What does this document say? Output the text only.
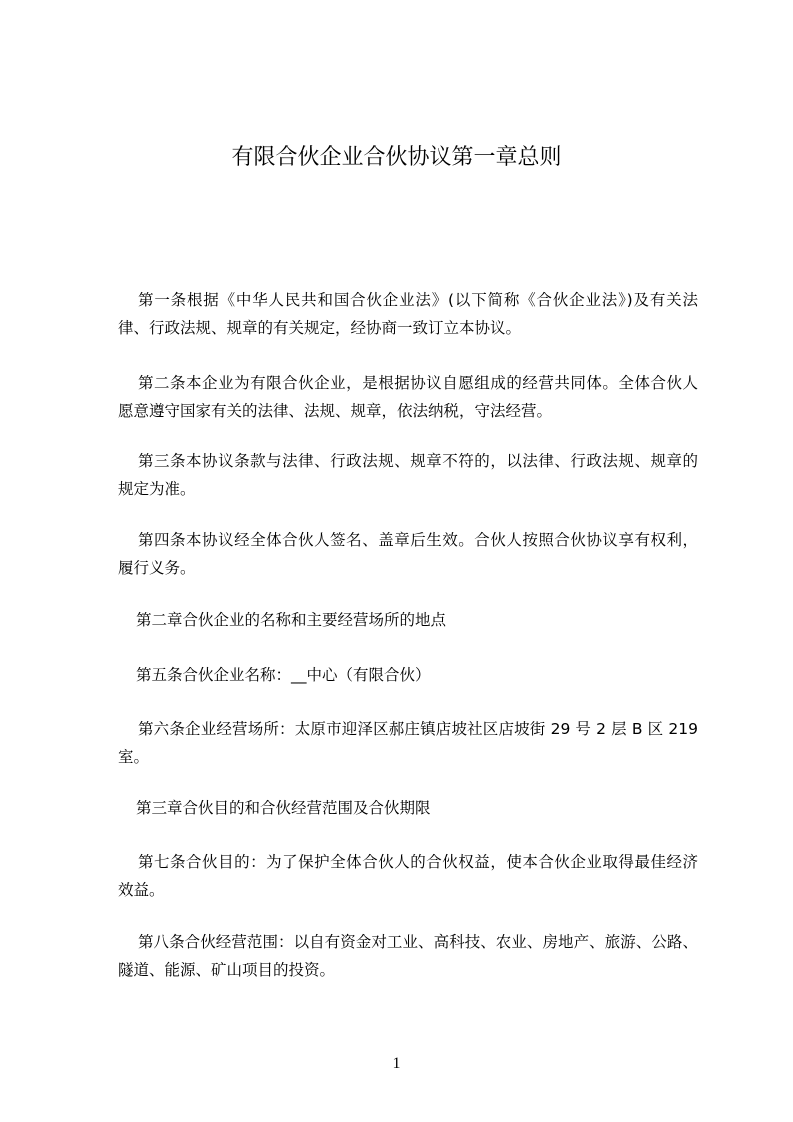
有限合伙企业合伙协议第一章总则
第一条根据《中华人民共和国合伙企业法》(以下简称《合伙企业法》)及有关法
律、行政法规、规章的有关规定，经协商一致订立本协议。
第二条本企业为有限合伙企业，是根据协议自愿组成的经营共同体。全体合伙人
愿意遵守国家有关的法律、法规、规章，依法纳税，守法经营。
第三条本协议条款与法律、行政法规、规章不符的，以法律、行政法规、规章的
规定为准。
第四条本协议经全体合伙人签名、盖章后生效。合伙人按照合伙协议享有权利，
履行义务。
第二章合伙企业的名称和主要经营场所的地点
第五条合伙企业名称：__中心（有限合伙）
第六条企业经营场所：太原市迎泽区郝庄镇店坡社区店坡街 29 号 2 层 B 区 219
室。
第三章合伙目的和合伙经营范围及合伙期限
第七条合伙目的：为了保护全体合伙人的合伙权益，使本合伙企业取得最佳经济
效益。
第八条合伙经营范围：以自有资金对工业、高科技、农业、房地产、旅游、公路、
隧道、能源、矿山项目的投资。
1
